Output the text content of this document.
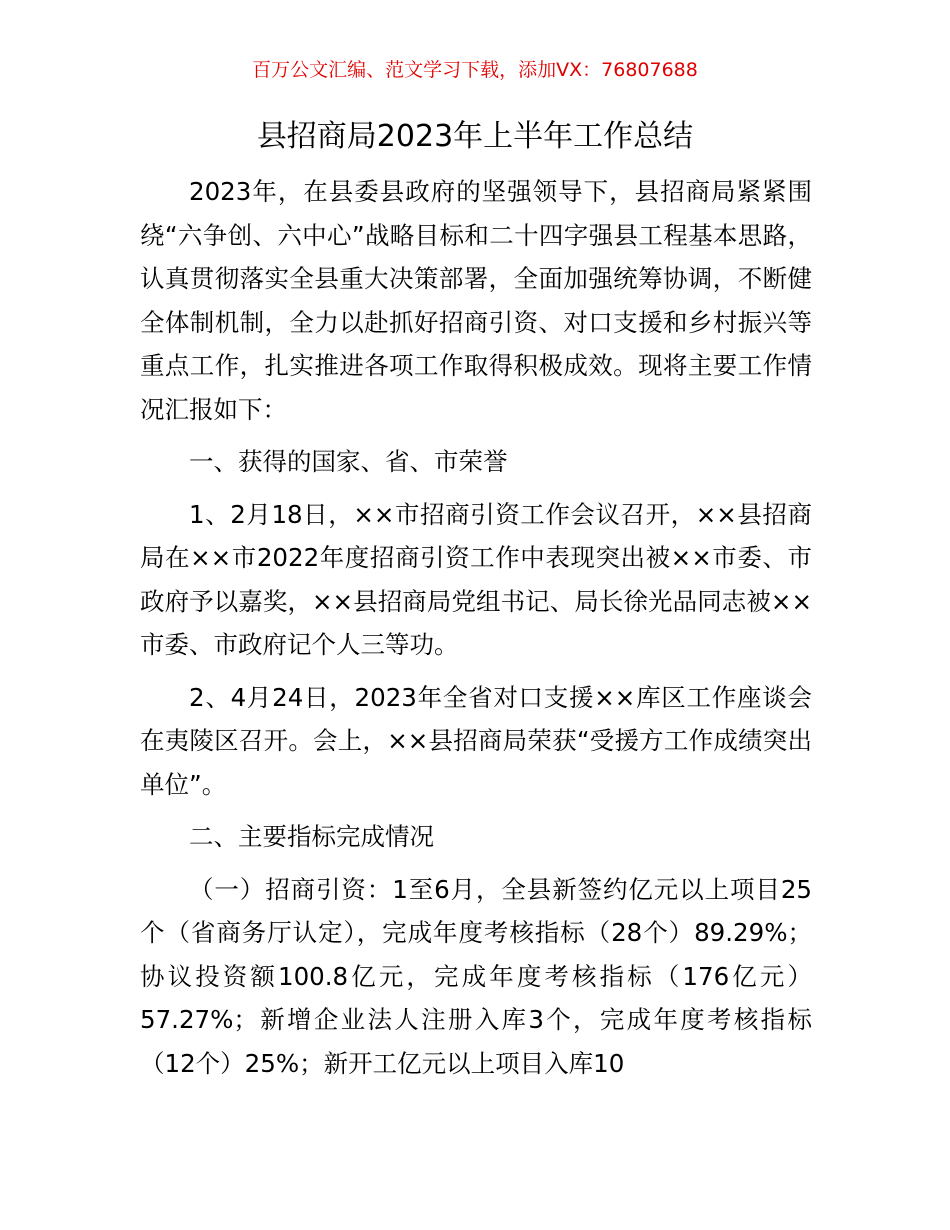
百万公文汇编、范文学习下载，添加VX：76807688
县招商局2023年上半年工作总结

2023年，在县委县政府的坚强领导下，县招商局紧紧围绕“六争创、六中心”战略目标和二十四字强县工程基本思路，认真贯彻落实全县重大决策部署，全面加强统筹协调，不断健全体制机制，全力以赴抓好招商引资、对口支援和乡村振兴等重点工作，扎实推进各项工作取得积极成效。现将主要工作情况汇报如下：

一、获得的国家、省、市荣誉

1、2月18日，××市招商引资工作会议召开，××县招商局在××市2022年度招商引资工作中表现突出被××市委、市政府予以嘉奖，××县招商局党组书记、局长徐光品同志被××市委、市政府记个人三等功。

2、4月24日，2023年全省对口支援××库区工作座谈会在夷陵区召开。会上，××县招商局荣获“受援方工作成绩突出单位”。

二、主要指标完成情况

（一）招商引资：1至6月，全县新签约亿元以上项目25个（省商务厅认定），完成年度考核指标（28个）89.29%；协议投资额100.8亿元，完成年度考核指标（176亿元）57.27%；新增企业法人注册入库3个，完成年度考核指标（12个）25%；新开工亿元以上项目入库10
